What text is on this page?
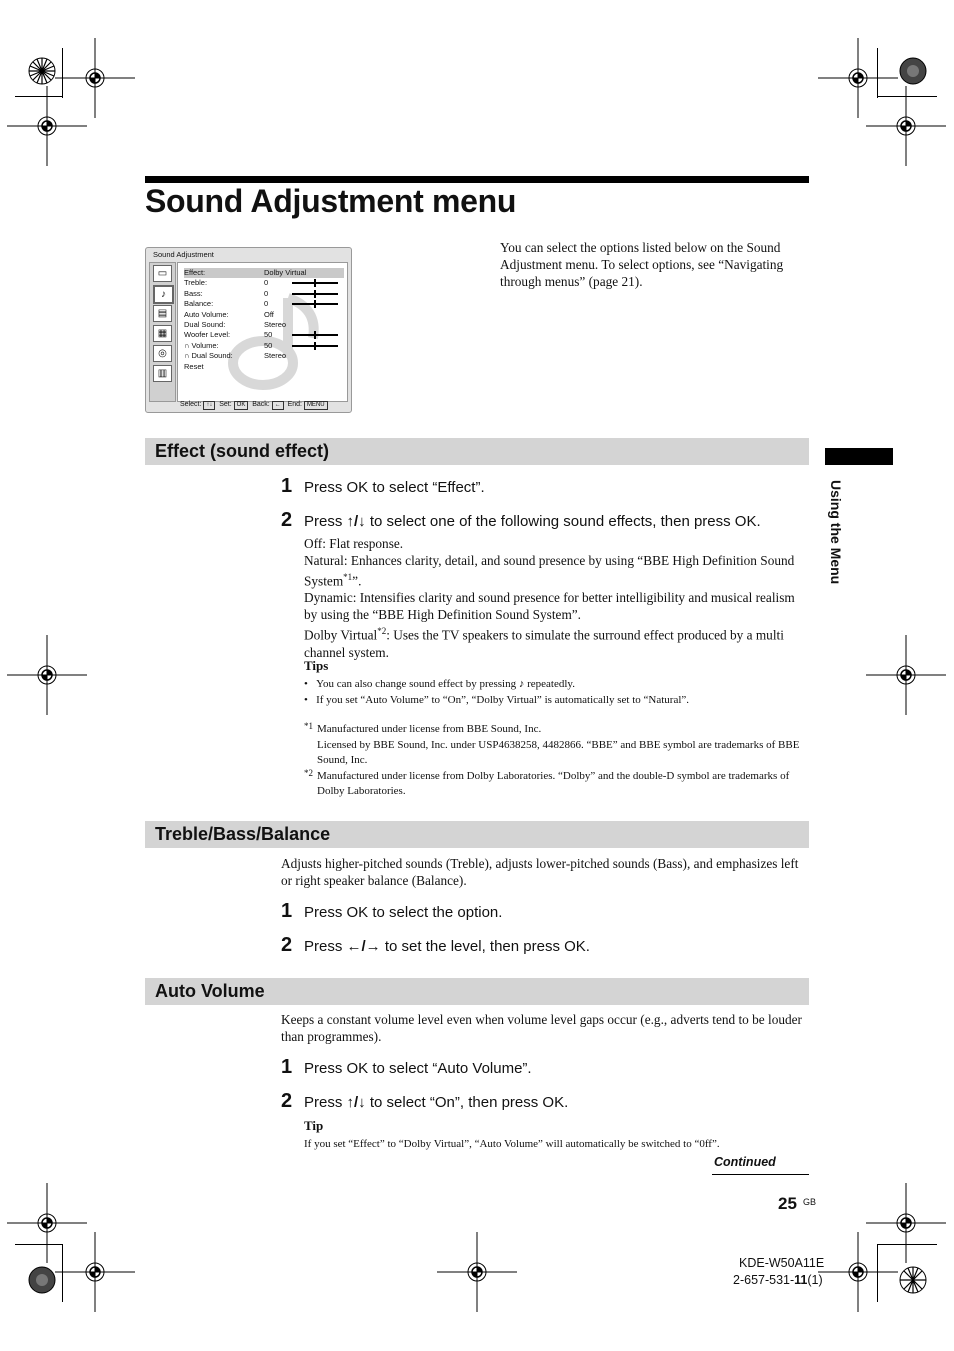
Sound Adjustment menu
Sound Adjustment
▭
♪
▤
▦
◎
▥
Effect:	Dolby Virtual
Treble:	0
Bass:	0
Balance:	0
Auto Volume:	Off
Dual Sound:	Stereo
Woofer Level:	50
∩ Volume:	50
∩ Dual Sound:	Stereo
Reset
Select: ↑↓ Set: OK Back: ← End: MENU
You can select the options listed below on the Sound Adjustment menu. To select options, see “Navigating through menus” (page 21).
Using the Menu
Effect (sound effect)
1 Press OK to select “Effect”.
2 Press ↑/↓ to select one of the following sound effects, then press OK.
Off: Flat response.
Natural: Enhances clarity, detail, and sound presence by using “BBE High Definition Sound System$^{*1}$”.
Dynamic: Intensifies clarity and sound presence for better intelligibility and musical realism by using the “BBE High Definition Sound System”.
Dolby Virtual$^{*2}$: Uses the TV speakers to simulate the surround effect produced by a multi channel system.
Tips
•   You can also change sound effect by pressing ♪ repeatedly.
•   If you set “Auto Volume” to “On”, “Dolby Virtual” is automatically set to “Natural”.
*1 Manufactured under license from BBE Sound, Inc.
Licensed by BBE Sound, Inc. under USP4638258, 4482866. “BBE” and BBE symbol are trademarks of BBE Sound, Inc.
*2 Manufactured under license from Dolby Laboratories. “Dolby” and the double-D symbol are trademarks of Dolby Laboratories.
Treble/Bass/Balance
Adjusts higher-pitched sounds (Treble), adjusts lower-pitched sounds (Bass), and emphasizes left or right speaker balance (Balance).
1 Press OK to select the option.
2 Press ←/→ to set the level, then press OK.
Auto Volume
Keeps a constant volume level even when volume level gaps occur (e.g., adverts tend to be louder than programmes).
1 Press OK to select “Auto Volume”.
2 Press ↑/↓ to select “On”, then press OK.
Tip
If you set “Effect” to “Dolby Virtual”, “Auto Volume” will automatically be switched to “0ff”.
Continued
25 GB
KDE-W50A11E
2-657-531-11(1)
